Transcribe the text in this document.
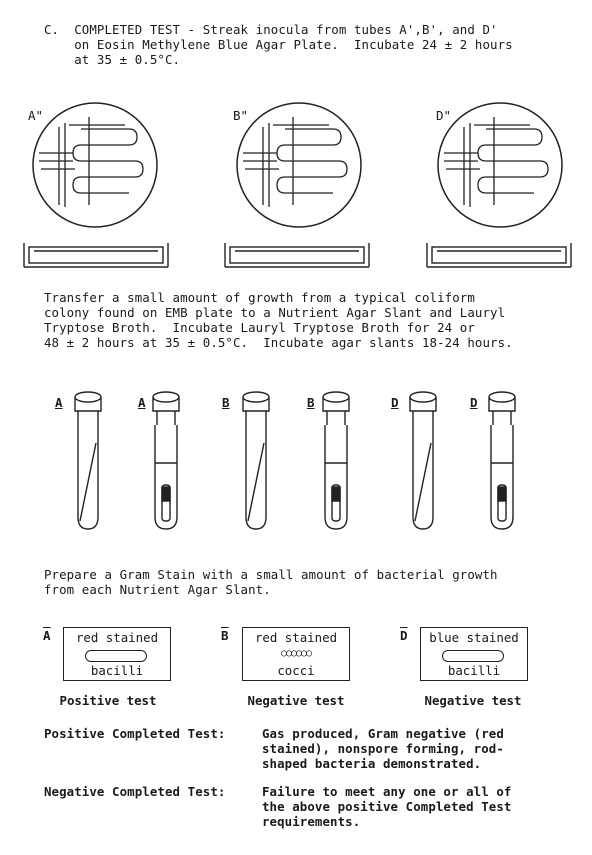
C.  COMPLETED TEST - Streak inocula from tubes A',B', and D'
on Eosin Methylene Blue Agar Plate.  Incubate 24 ± 2 hours
at 35 ± 0.5°C.
A"	B"	D"
Transfer a small amount of growth from a typical coliform
colony found on EMB plate to a Nutrient Agar Slant and Lauryl
Tryptose Broth.  Incubate Lauryl Tryptose Broth for 24 or
48 ± 2 hours at 35 ± 0.5°C.  Incubate agar slants 18-24 hours.
A	A	B	B	D	D
Prepare a Gram Stain with a small amount of bacterial growth
from each Nutrient Agar Slant.
$\overline{A}$	red stained
bacilli
Positive test
$\overline{B}$	red stained
○○○○○○
cocci
Negative test
$\overline{D}$	blue stained
bacilli
Negative test
Positive Completed Test:	Gas produced, Gram negative (red
stained), nonspore forming, rod-
shaped bacteria demonstrated.
Negative Completed Test:	Failure to meet any one or all of
the above positive Completed Test
requirements.
